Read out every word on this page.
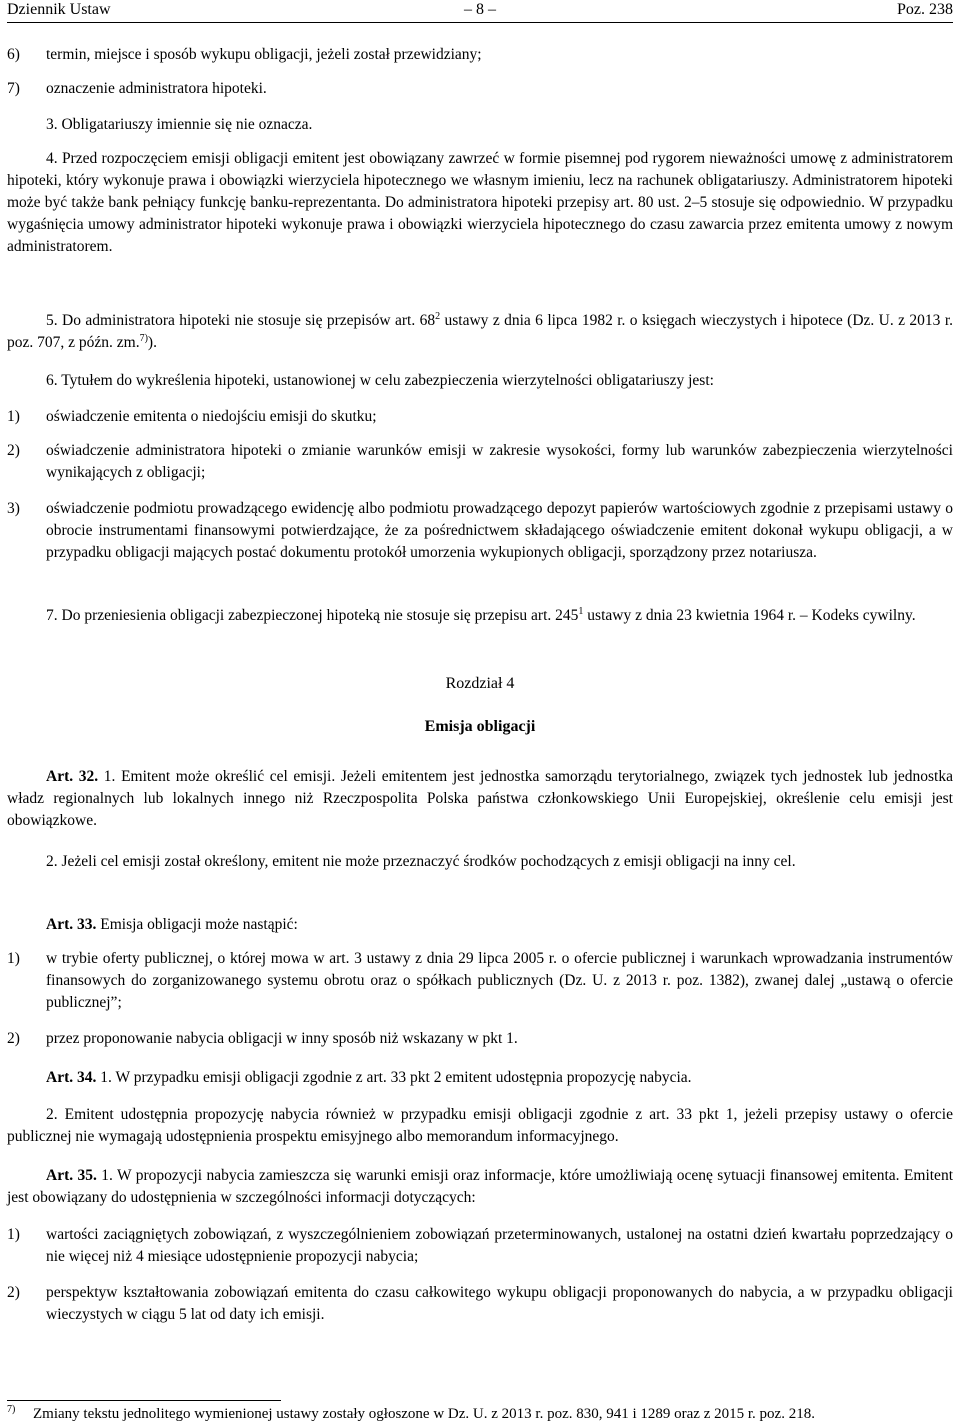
Dziennik Ustaw	– 8 –	Poz. 238
6) termin, miejsce i sposób wykupu obligacji, jeżeli został przewidziany;
7) oznaczenie administratora hipoteki.
3. Obligatariuszy imiennie się nie oznacza.
4. Przed rozpoczęciem emisji obligacji emitent jest obowiązany zawrzeć w formie pisemnej pod rygorem nieważności umowę z administratorem hipoteki, który wykonuje prawa i obowiązki wierzyciela hipotecznego we własnym imieniu, lecz na rachunek obligatariuszy. Administratorem hipoteki może być także bank pełniący funkcję banku-reprezentanta. Do administratora hipoteki przepisy art. 80 ust. 2–5 stosuje się odpowiednio. W przypadku wygaśnięcia umowy administrator hipoteki wykonuje prawa i obowiązki wierzyciela hipotecznego do czasu zawarcia przez emitenta umowy z nowym administratorem.
5. Do administratora hipoteki nie stosuje się przepisów art. $68^2$ ustawy z dnia 6 lipca 1982 r. o księgach wieczystych i hipotece (Dz. U. z 2013 r. poz. 707, z późn. zm.$^{7)}$).
6. Tytułem do wykreślenia hipoteki, ustanowionej w celu zabezpieczenia wierzytelności obligatariuszy jest:
1) oświadczenie emitenta o niedojściu emisji do skutku;
2) oświadczenie administratora hipoteki o zmianie warunków emisji w zakresie wysokości, formy lub warunków zabezpieczenia wierzytelności wynikających z obligacji;
3) oświadczenie podmiotu prowadzącego ewidencję albo podmiotu prowadzącego depozyt papierów wartościowych zgodnie z przepisami ustawy o obrocie instrumentami finansowymi potwierdzające, że za pośrednictwem składającego oświadczenie emitent dokonał wykupu obligacji, a w przypadku obligacji mających postać dokumentu protokół umorzenia wykupionych obligacji, sporządzony przez notariusza.
7. Do przeniesienia obligacji zabezpieczonej hipoteką nie stosuje się przepisu art. $245^1$ ustawy z dnia 23 kwietnia 1964 r. – Kodeks cywilny.
Rozdział 4
Emisja obligacji
Art. 32. 1. Emitent może określić cel emisji. Jeżeli emitentem jest jednostka samorządu terytorialnego, związek tych jednostek lub jednostka władz regionalnych lub lokalnych innego niż Rzeczpospolita Polska państwa członkowskiego Unii Europejskiej, określenie celu emisji jest obowiązkowe.
2. Jeżeli cel emisji został określony, emitent nie może przeznaczyć środków pochodzących z emisji obligacji na inny cel.
Art. 33. Emisja obligacji może nastąpić:
1) w trybie oferty publicznej, o której mowa w art. 3 ustawy z dnia 29 lipca 2005 r. o ofercie publicznej i warunkach wprowadzania instrumentów finansowych do zorganizowanego systemu obrotu oraz o spółkach publicznych (Dz. U. z 2013 r. poz. 1382), zwanej dalej „ustawą o ofercie publicznej”;
2) przez proponowanie nabycia obligacji w inny sposób niż wskazany w pkt 1.
Art. 34. 1. W przypadku emisji obligacji zgodnie z art. 33 pkt 2 emitent udostępnia propozycję nabycia.
2. Emitent udostępnia propozycję nabycia również w przypadku emisji obligacji zgodnie z art. 33 pkt 1, jeżeli przepisy ustawy o ofercie publicznej nie wymagają udostępnienia prospektu emisyjnego albo memorandum informacyjnego.
Art. 35. 1. W propozycji nabycia zamieszcza się warunki emisji oraz informacje, które umożliwiają ocenę sytuacji finansowej emitenta. Emitent jest obowiązany do udostępnienia w szczególności informacji dotyczących:
1) wartości zaciągniętych zobowiązań, z wyszczególnieniem zobowiązań przeterminowanych, ustalonej na ostatni dzień kwartału poprzedzający o nie więcej niż 4 miesiące udostępnienie propozycji nabycia;
2) perspektyw kształtowania zobowiązań emitenta do czasu całkowitego wykupu obligacji proponowanych do nabycia, a w przypadku obligacji wieczystych w ciągu 5 lat od daty ich emisji.
7) Zmiany tekstu jednolitego wymienionej ustawy zostały ogłoszone w Dz. U. z 2013 r. poz. 830, 941 i 1289 oraz z 2015 r. poz. 218.
